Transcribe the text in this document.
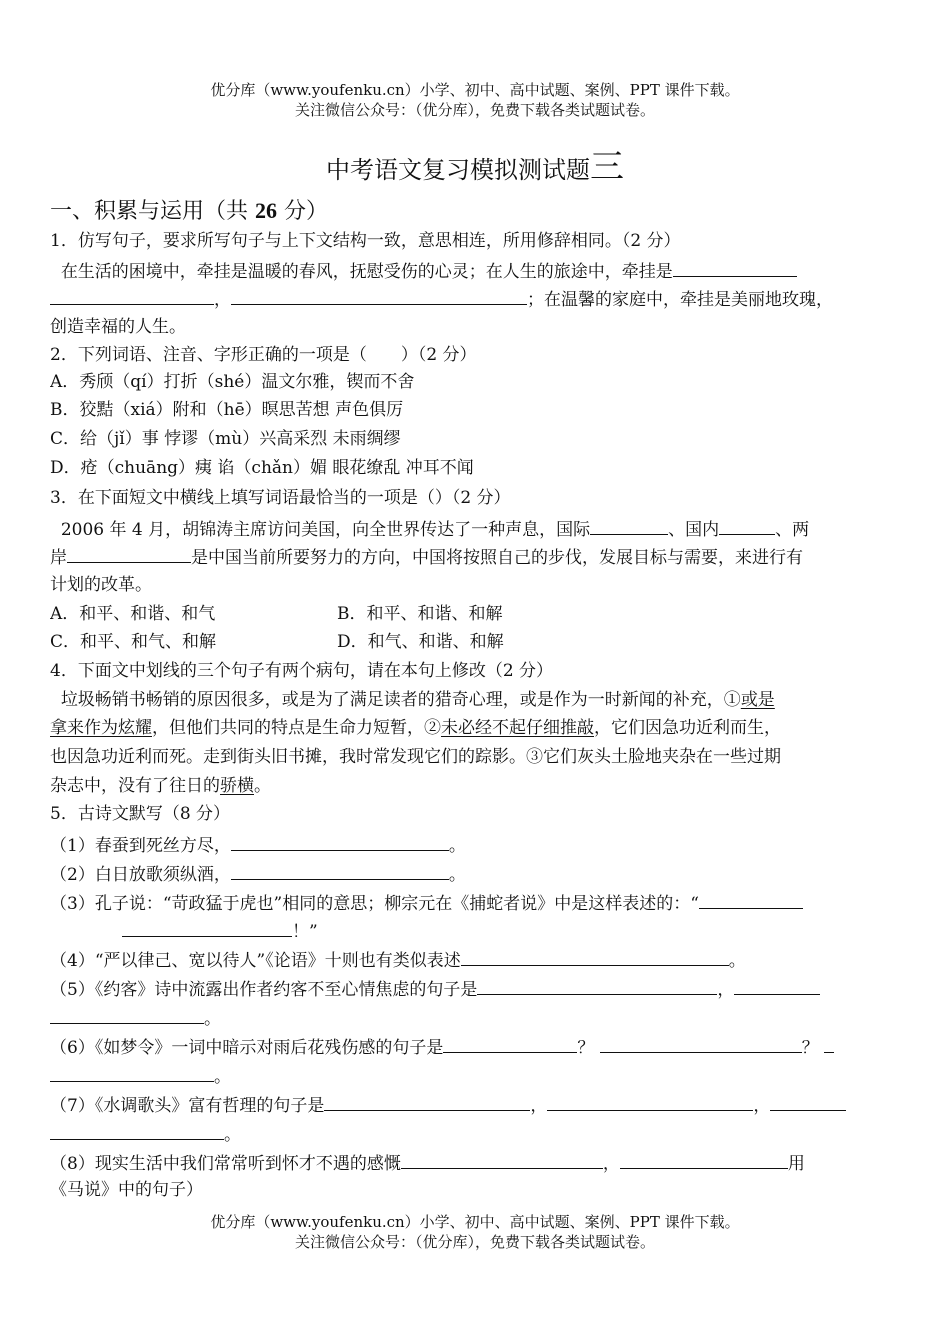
优分库（www.youfenku.cn）小学、初中、高中试题、案例、PPT 课件下载。
关注微信公众号：（优分库），免费下载各类试题试卷。
中考语文复习模拟测试题三
一、积累与运用（共 26 分）
1．仿写句子，要求所写句子与上下文结构一致，意思相连，所用修辞相同。（2 分）
在生活的困境中，牵挂是温暖的春风，抚慰受伤的心灵；在人生的旅途中，牵挂是
，	；在温馨的家庭中，牵挂是美丽地玫瑰，
创造幸福的人生。
2．下列词语、注音、字形正确的一项是（　　）（2 分）
A．秀颀（qí）打折（shé）温文尔雅，锲而不舍
B．狡黠（xiá）附和（hē）暝思苦想 声色俱厉
C．给（jǐ）事 悖谬（mù）兴高采烈 未雨绸缪
D．疮（chuāng）痍 谄（chǎn）媚 眼花缭乱 冲耳不闻
3．在下面短文中横线上填写词语最恰当的一项是（）（2 分）
2006 年 4 月，胡锦涛主席访问美国，向全世界传达了一种声息，国际	、国内	、两
岸	是中国当前所要努力的方向，中国将按照自己的步伐，发展目标与需要，来进行有
计划的改革。
A．和平、和谐、和气	B．和平、和谐、和解
C．和平、和气、和解	D．和气、和谐、和解
4．下面文中划线的三个句子有两个病句，请在本句上修改（2 分）
垃圾畅销书畅销的原因很多，或是为了满足读者的猎奇心理，或是作为一时新闻的补充，①或是
拿来作为炫耀，但他们共同的特点是生命力短暂，②未必经不起仔细推敲，它们因急功近利而生，
也因急功近利而死。走到街头旧书摊，我时常发现它们的踪影。③它们灰头土脸地夹杂在一些过期
杂志中，没有了往日的骄横。
5．古诗文默写（8 分）
（1）春蚕到死丝方尽，	。
（2）白日放歌须纵酒，	。
（3）孔子说：“苛政猛于虎也”相同的意思；柳宗元在《捕蛇者说》中是这样表述的：“
！”
（4）“严以律己、宽以待人”《论语》十则也有类似表述	。
（5）《约客》诗中流露出作者约客不至心情焦虑的句子是	，
。
（6）《如梦令》一词中暗示对雨后花残伤感的句子是	？	？
。
（7）《水调歌头》富有哲理的句子是	，	，
。
（8）现实生活中我们常常听到怀才不遇的感慨	，	用
《马说》中的句子）
优分库（www.youfenku.cn）小学、初中、高中试题、案例、PPT 课件下载。
关注微信公众号：（优分库），免费下载各类试题试卷。
